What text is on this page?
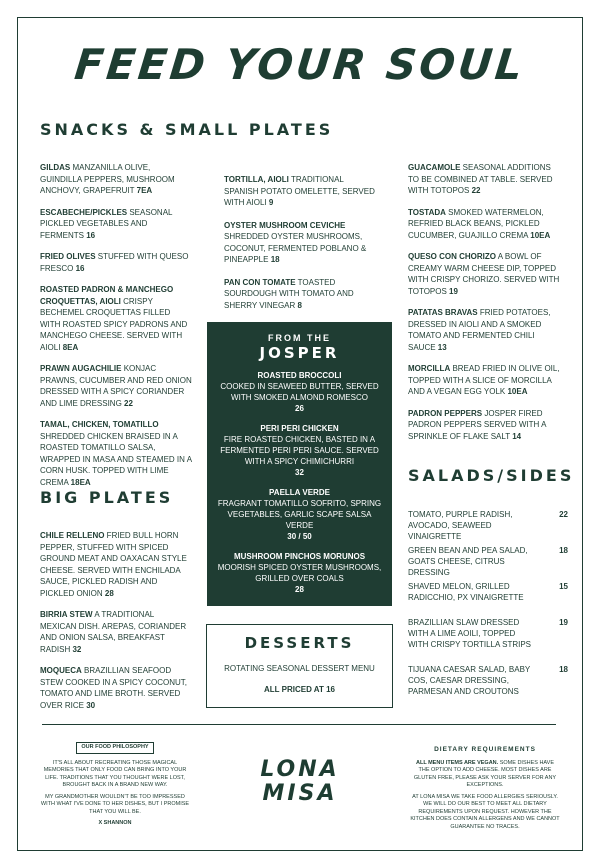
FEED YOUR SOUL
SNACKS & SMALL PLATES
GILDAS MANZANILLA OLIVE, GUINDILLA PEPPERS, MUSHROOM ANCHOVY, GRAPEFRUIT 7EA
ESCABECHE/PICKLES SEASONAL PICKLED VEGETABLES AND FERMENTS 16
FRIED OLIVES STUFFED WITH QUESO FRESCO 16
ROASTED PADRON & MANCHEGO CROQUETTAS, AIOLI CRISPY BECHEMEL CROQUETTAS FILLED WITH ROASTED SPICY PADRONS AND MANCHEGO CHEESE. SERVED WITH AIOLI 8EA
PRAWN AUGACHILIE KONJAC PRAWNS, CUCUMBER AND RED ONION DRESSED WITH A SPICY CORIANDER AND LIME DRESSING 22
TAMAL, CHICKEN, TOMATILLO SHREDDED CHICKEN BRAISED IN A ROASTED TOMATILLO SALSA, WRAPPED IN MASA AND STEAMED IN A CORN HUSK. TOPPED WITH LIME CREMA 18EA
TORTILLA, AIOLI TRADITIONAL SPANISH POTATO OMELETTE, SERVED WITH AIOLI 9
OYSTER MUSHROOM CEVICHE SHREDDED OYSTER MUSHROOMS, COCONUT, FERMENTED POBLANO & PINEAPPLE 18
PAN CON TOMATE TOASTED SOURDOUGH WITH TOMATO AND SHERRY VINEGAR 8
GUACAMOLE SEASONAL ADDITIONS TO BE COMBINED AT TABLE. SERVED WITH TOTOPOS 22
TOSTADA SMOKED WATERMELON, REFRIED BLACK BEANS, PICKLED CUCUMBER, GUAJILLO CREMA 10EA
QUESO CON CHORIZO A BOWL OF CREAMY WARM CHEESE DIP, TOPPED WITH CRISPY CHORIZO. SERVED WITH TOTOPOS 19
PATATAS BRAVAS FRIED POTATOES, DRESSED IN AIOLI AND A SMOKED TOMATO AND FERMENTED CHILI SAUCE 13
MORCILLA BREAD FRIED IN OLIVE OIL, TOPPED WITH A SLICE OF MORCILLA AND A VEGAN EGG YOLK 10EA
PADRON PEPPERS JOSPER FIRED PADRON PEPPERS SERVED WITH A SPRINKLE OF FLAKE SALT 14
BIG PLATES
CHILE RELLENO FRIED BULL HORN PEPPER, STUFFED WITH SPICED GROUND MEAT AND OAXACAN STYLE CHEESE. SERVED WITH ENCHILADA SAUCE, PICKLED RADISH AND PICKLED ONION 28
BIRRIA STEW A TRADITIONAL MEXICAN DISH. AREPAS, CORIANDER AND ONION SALSA, BREAKFAST RADISH 32
MOQUECA BRAZILLIAN SEAFOOD STEW COOKED IN A SPICY COCONUT, TOMATO AND LIME BROTH. SERVED OVER RICE 30
FROM THE
JOSPER
ROASTED BROCCOLI
COOKED IN SEAWEED BUTTER, SERVED WITH SMOKED ALMOND ROMESCO
26
PERI PERI CHICKEN
FIRE ROASTED CHICKEN, BASTED IN A FERMENTED PERI PERI SAUCE. SERVED WITH A SPICY CHIMICHURRI
32
PAELLA VERDE
FRAGRANT TOMATILLO SOFRITO, SPRING VEGETABLES, GARLIC SCAPE SALSA VERDE
30 / 50
MUSHROOM PINCHOS MORUNOS
MOORISH SPICED OYSTER MUSHROOMS, GRILLED OVER COALS
28
DESSERTS
ROTATING SEASONAL DESSERT MENU
ALL PRICED AT 16
SALADS/SIDES
TOMATO, PURPLE RADISH, AVOCADO, SEAWEED VINAIGRETTE
22
GREEN BEAN AND PEA SALAD, GOATS CHEESE, CITRUS DRESSING
18
SHAVED MELON, GRILLED RADICCHIO, PX VINAIGRETTE
15
BRAZILLIAN SLAW DRESSED WITH A LIME AOILI, TOPPED WITH CRISPY TORTILLA STRIPS
19
TIJUANA CAESAR SALAD, BABY COS, CAESAR DRESSING, PARMESAN AND CROUTONS
18
OUR FOOD PHILOSOPHY

IT'S ALL ABOUT RECREATING THOSE MAGICAL MEMORIES THAT ONLY FOOD CAN BRING INTO YOUR LIFE. TRADITIONS THAT YOU THOUGHT WERE LOST, BROUGHT BACK IN A BRAND NEW WAY.

MY GRANDMOTHER WOULDN'T BE TOO IMPRESSED WITH WHAT I'VE DONE TO HER DISHES, BUT I PROMISE THAT YOU WILL BE.

X SHANNON

LONA
MISA
DIETARY REQUIREMENTS

ALL MENU ITEMS ARE VEGAN. SOME DISHES HAVE THE OPTION TO ADD CHEESE. MOST DISHES ARE GLUTEN FREE, PLEASE ASK YOUR SERVER FOR ANY EXCEPTIONS.

AT LONA MISA WE TAKE FOOD ALLERGIES SERIOUSLY. WE WILL DO OUR BEST TO MEET ALL DIETARY REQUIREMENTS UPON REQUEST. HOWEVER THE KITCHEN DOES CONTAIN ALLERGENS AND WE CANNOT GUARANTEE NO TRACES.
